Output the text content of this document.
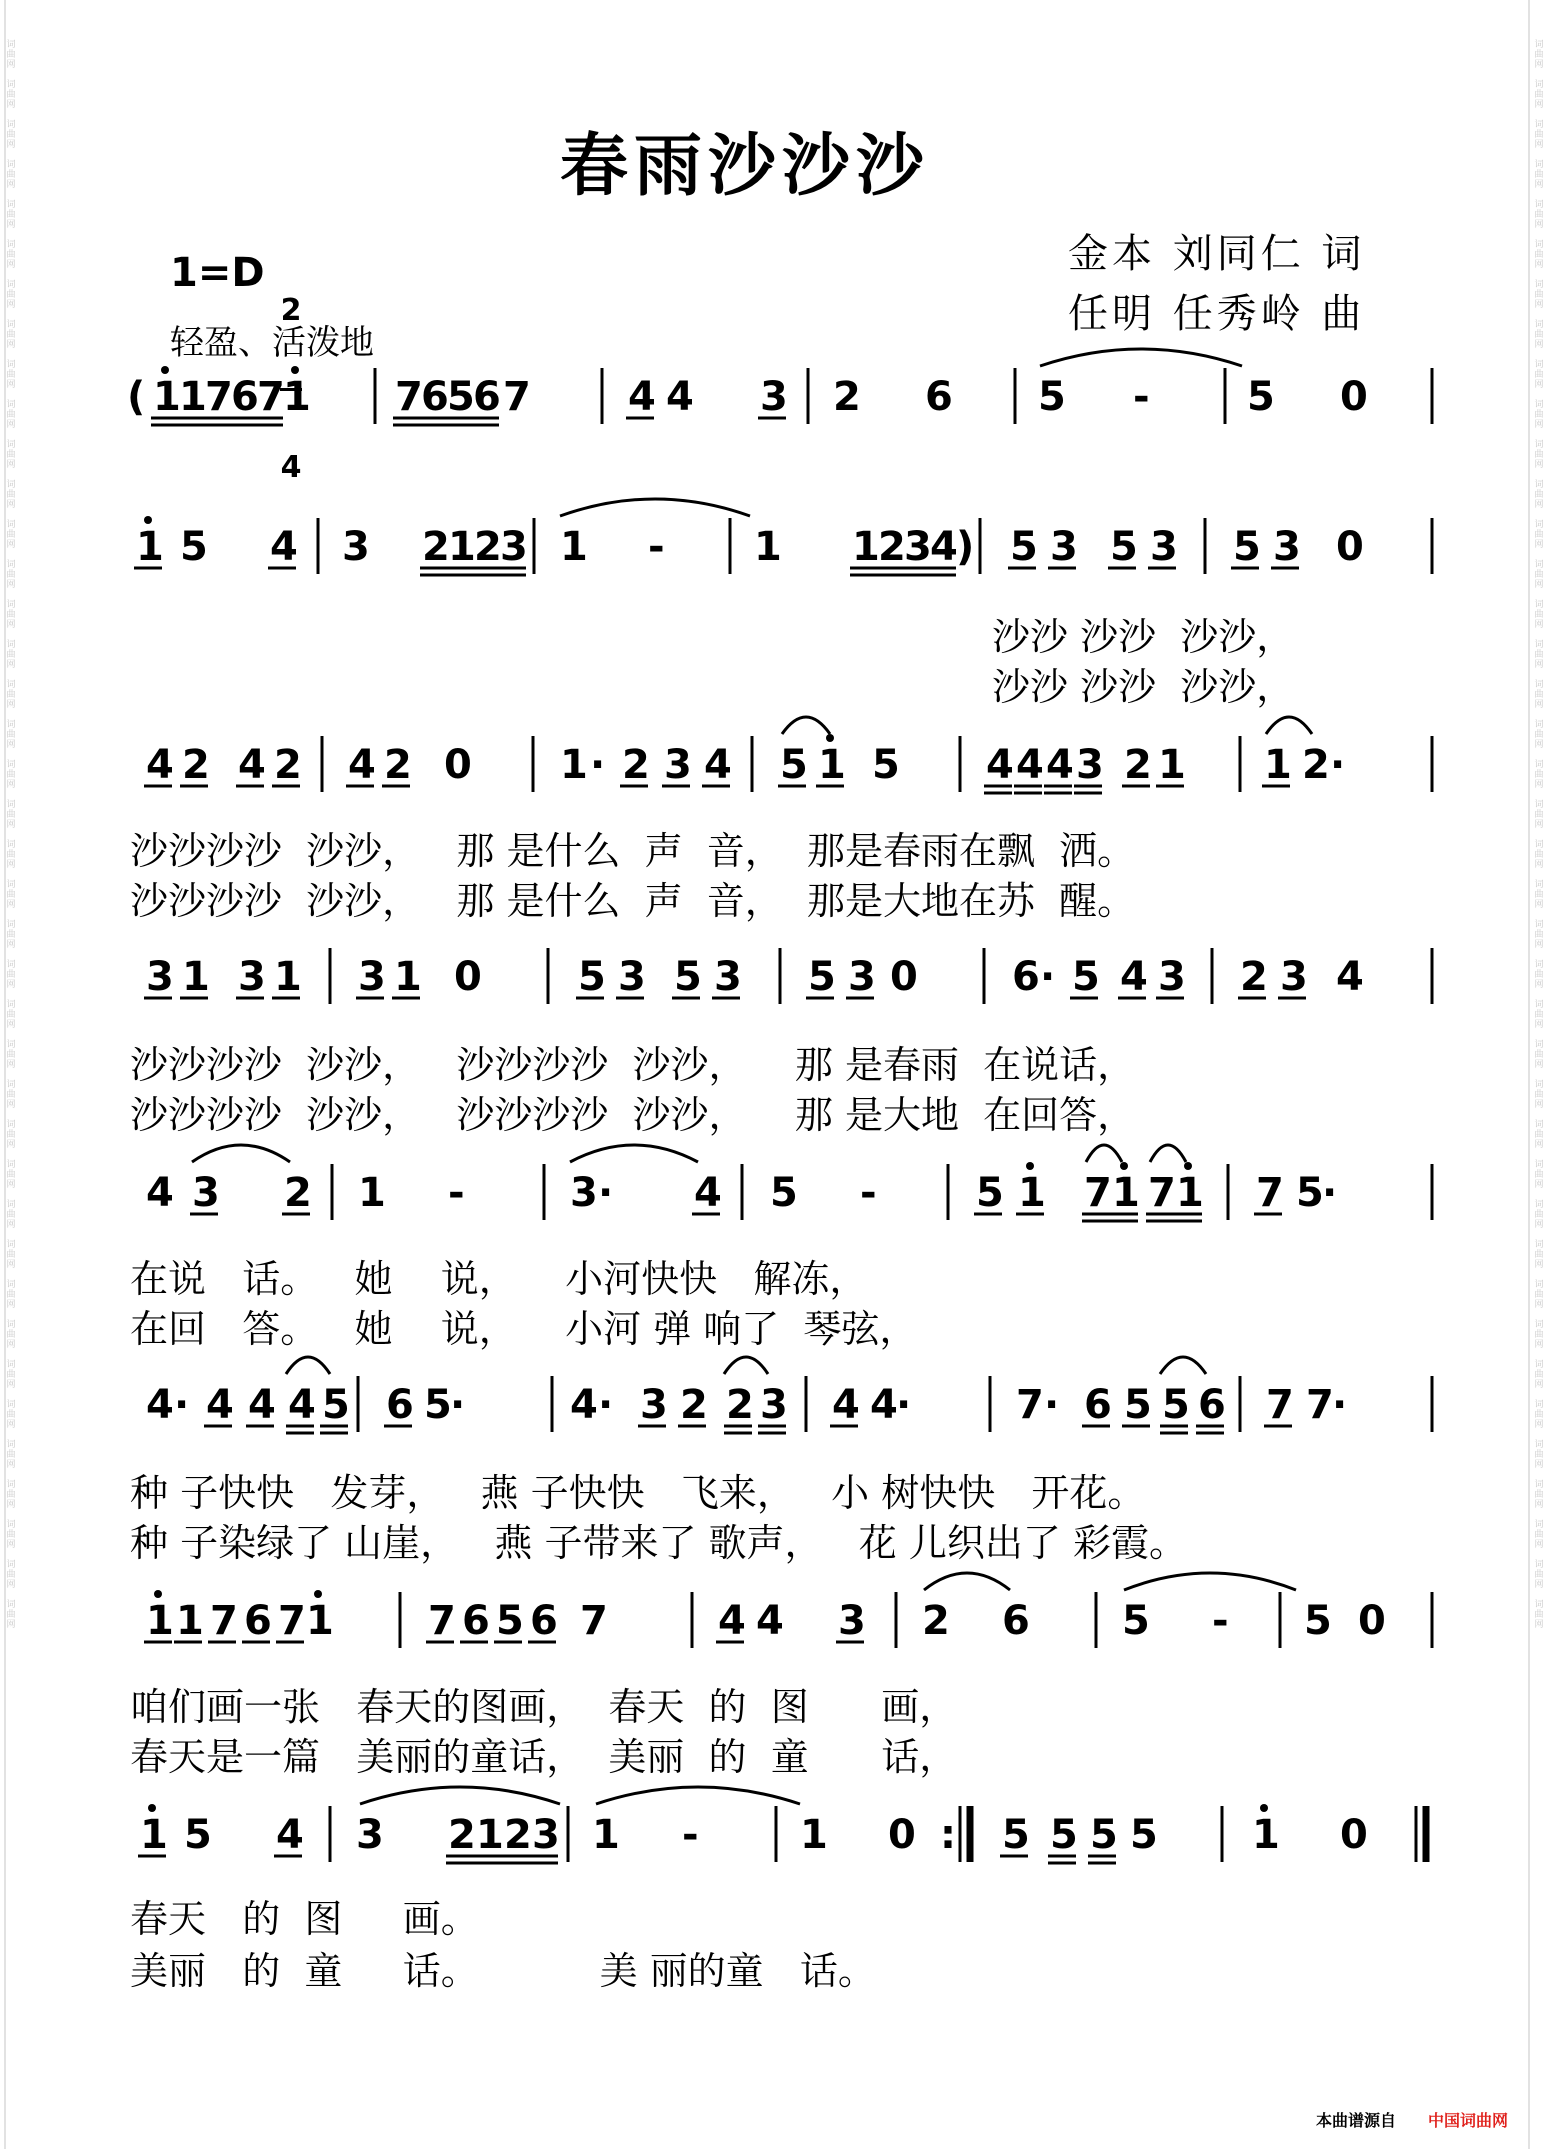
词
曲
网

词
曲
网

词
曲
网

词
曲
网

词
曲
网

词
曲
网

词
曲
网

词
曲
网

词
曲
网

词
曲
网

词
曲
网

词
曲
网

词
曲
网

词
曲
网

词
曲
网

词
曲
网

词
曲
网

词
曲
网

词
曲
网

词
曲
网

词
曲
网

词
曲
网

词
曲
网

词
曲
网

词
曲
网

词
曲
网

词
曲
网

词
曲
网

词
曲
网

词
曲
网

词
曲
网

词
曲
网

词
曲
网

词
曲
网

词
曲
网

词
曲
网

词
曲
网

词
曲
网

词
曲
网

词
曲
网

词
曲
网

词
曲
网

词
曲
网

词
曲
网

词
曲
网

词
曲
网

词
曲
网

词
曲
网

词
曲
网

词
曲
网

词
曲
网

词
曲
网

词
曲
网

词
曲
网

词
曲
网

词
曲
网

词
曲
网

词
曲
网

词
曲
网

词
曲
网

词
曲
网

词
曲
网

词
曲
网

词
曲
网

词
曲
网

词
曲
网

词
曲
网

词
曲
网

词
曲
网

词
曲
网

词
曲
网

词
曲
网

词
曲
网

词
曲
网

词
曲
网

词
曲
网

词
曲
网

词
曲
网

词
曲
网

词
曲
网

春雨沙沙沙
金本 刘同仁 词
任明 任秀岭 曲
1=D

2

4

轻盈、活泼地
( 1
1
7
6
7
1 7
6
5
6 7 4 4 3 2 6 5 - 5 0
1 5 4 3 2
1
2
3 1 - 1 1
2
3
4
) 5 3 5 3 5 3 0
4 2 4 2 4 2 0 1 · 2 3 4 5 1 5 4 4 4 3 2 1 1 2 ·
3 1 3 1 3 1 0 5 3 5 3 5 3 0 6 · 5 4 3 2 3 4
4 3 2 1 -	3 · 4 5 - 5 1 7 1 7 1 7 5
·
4 · 4 4 4 5 6 5
·	4 · 3 2 2 3 4 4
·	7 · 6 5 5 6 7 7
·
1 1 7 6 7 1 7 6 5 6 7	4 4 3 2 6 5 - 5 0
1 5 4 3 2 1 2 3 1 -	1 0 : 5 5 5 5 1 0
沙沙 沙沙  沙沙，
沙沙 沙沙  沙沙，
沙沙沙沙  沙沙，   那 是什么  声  音，  那是春雨在飘  洒。
沙沙沙沙  沙沙，   那 是什么  声  音，  那是大地在苏  醒。
沙沙沙沙  沙沙，   沙沙沙沙  沙沙，    那 是春雨  在说话，
沙沙沙沙  沙沙，   沙沙沙沙  沙沙，    那 是大地  在回答，
在说   话。   她    说，    小河快快   解冻，
在回   答。   她    说，    小河 弹 响了  琴弦，
种 子快快   发芽，   燕 子快快   飞来，   小 树快快   开花。
种 子染绿了 山崖，   燕 子带来了 歌声，   花 儿织出了 彩霞。
咱们画一张   春天的图画，  春天  的  图      画，
春天是一篇   美丽的童话，  美丽  的  童      话，
春天   的  图     画。
美丽   的  童     话。          美 丽的童   话。
本曲谱源自 中国词曲网
